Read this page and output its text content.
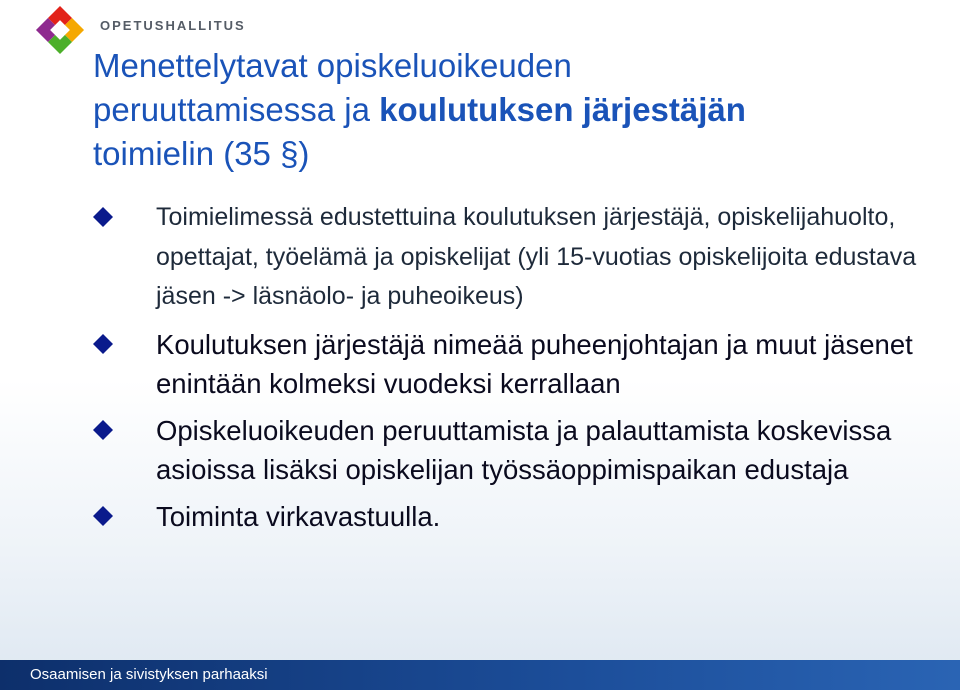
OPETUSHALLITUS
Menettelytavat opiskeluoikeuden
peruuttamisessa ja koulutuksen järjestäjän
toimielin (35 §)
Toimielimessä edustettuina koulutuksen järjestäjä, opiskelijahuolto, opettajat, työelämä ja opiskelijat (yli 15-vuotias opiskelijoita edustava jäsen -> läsnäolo- ja puheoikeus)
Koulutuksen järjestäjä nimeää puheenjohtajan ja muut jäsenet enintään kolmeksi vuodeksi kerrallaan
Opiskeluoikeuden peruuttamista ja palauttamista koskevissa asioissa lisäksi opiskelijan työssäoppimispaikan edustaja
Toiminta virkavastuulla.
Osaamisen ja sivistyksen parhaaksi
